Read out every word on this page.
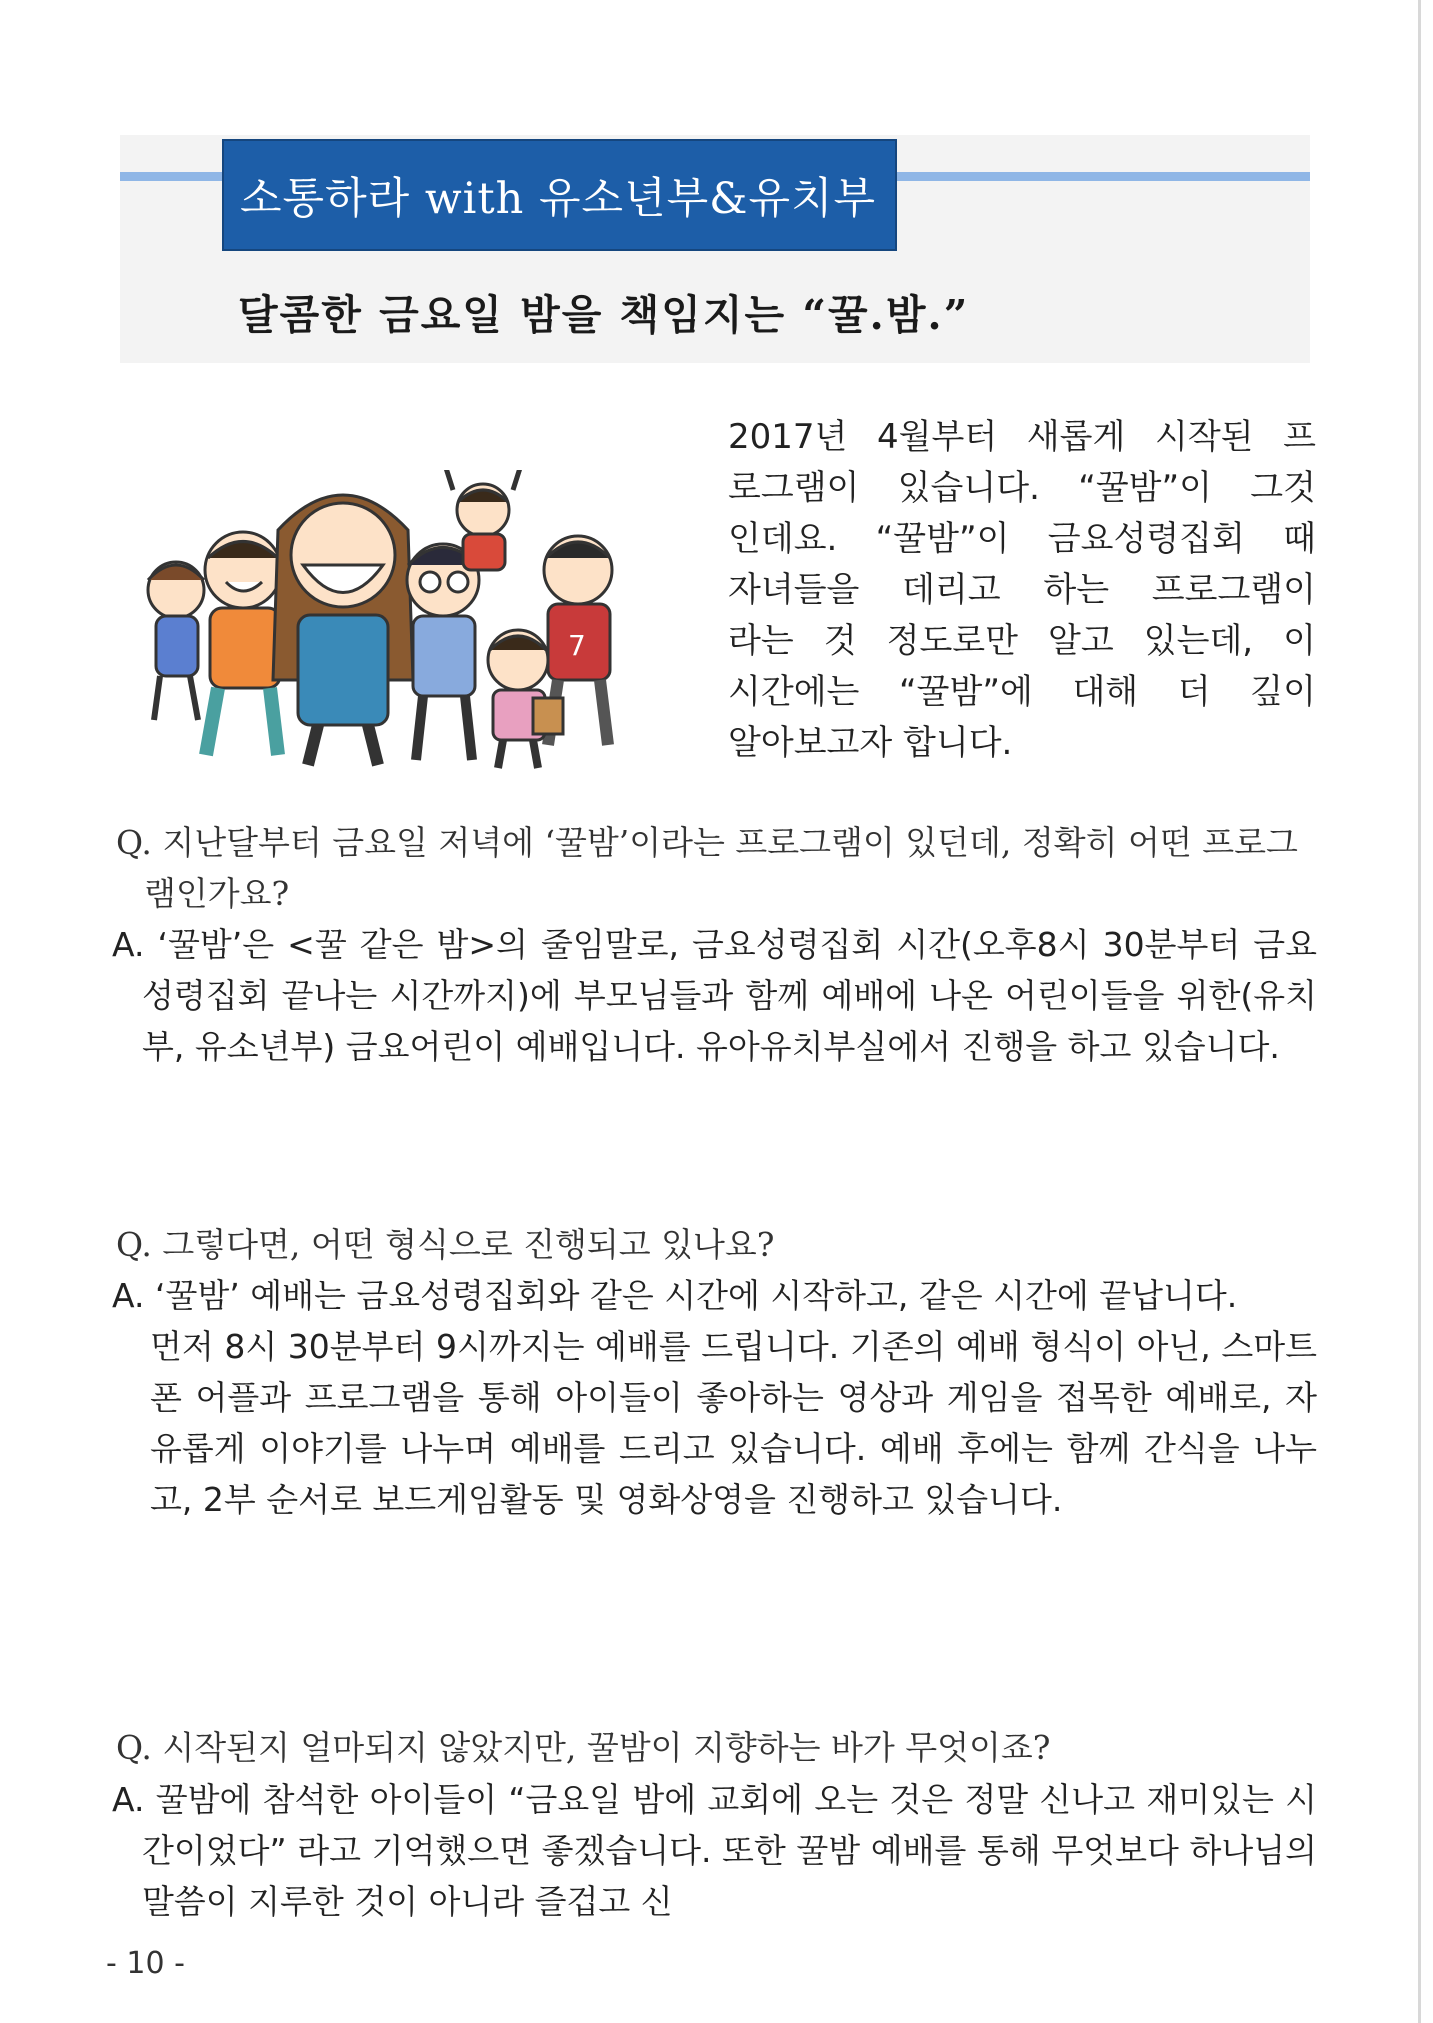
소통하라 with 유소년부&유치부
달콤한 금요일 밤을 책임지는 “꿀.밤.”
7
2017년 4월부터 새롭게 시작된 프
로그램이 있습니다. “꿀밤”이 그것
인데요. “꿀밤”이 금요성령집회 때
자녀들을 데리고 하는 프로그램이
라는 것 정도로만 알고 있는데, 이
시간에는 “꿀밤”에 대해 더 깊이
알아보고자 합니다.
Q. 지난달부터 금요일 저녁에 ‘꿀밤’이라는 프로그램이 있던데, 정확히 어떤 프로그램인가요?

A. ‘꿀밤’은 <꿀 같은 밤>의 줄임말로, 금요성령집회 시간(오후8시 30분부터 금요성령집회 끝나는 시간까지)에 부모님들과 함께 예배에 나온 어린이들을 위한(유치부, 유소년부) 금요어린이 예배입니다. 유아유치부실에서 진행을 하고 있습니다.

Q. 그렇다면, 어떤 형식으로 진행되고 있나요?

A. ‘꿀밤’ 예배는 금요성령집회와 같은 시간에 시작하고, 같은 시간에 끝납니다.

먼저 8시 30분부터 9시까지는 예배를 드립니다. 기존의 예배 형식이 아닌, 스마트폰 어플과 프로그램을 통해 아이들이 좋아하는 영상과 게임을 접목한 예배로, 자유롭게 이야기를 나누며 예배를 드리고 있습니다. 예배 후에는 함께 간식을 나누고, 2부 순서로 보드게임활동 및 영화상영을 진행하고 있습니다.

Q. 시작된지 얼마되지 않았지만, 꿀밤이 지향하는 바가 무엇이죠?

A. 꿀밤에 참석한 아이들이 “금요일 밤에 교회에 오는 것은 정말 신나고 재미있는 시간이었다” 라고 기억했으면 좋겠습니다. 또한 꿀밤 예배를 통해 무엇보다 하나님의 말씀이 지루한 것이 아니라 즐겁고 신

- 10 -
